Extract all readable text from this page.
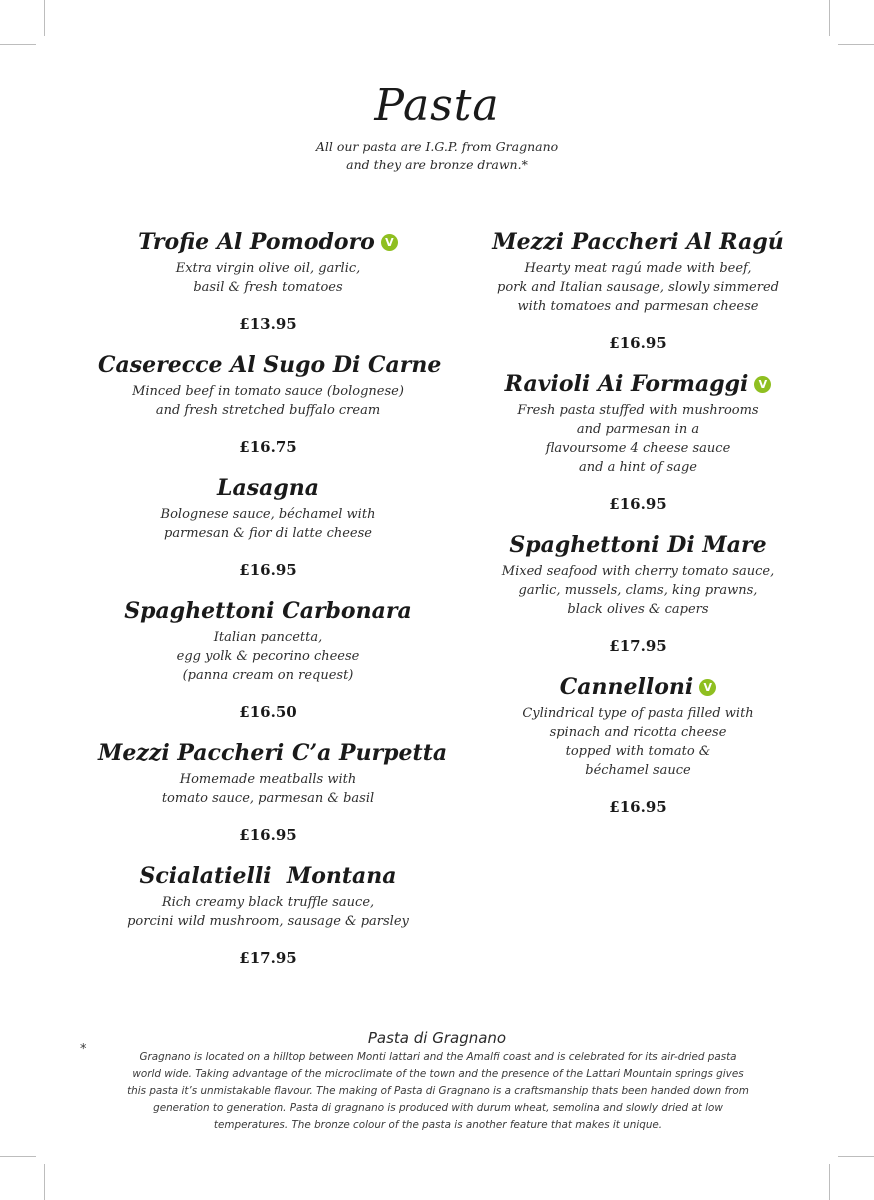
Pasta
All our pasta are I.G.P. from Gragnano
and they are bronze drawn.*
Trofie Al Pomodoro V
Extra virgin olive oil, garlic,
basil & fresh tomatoes
£13.95
Caserecce Al Sugo Di Carne
Minced beef in tomato sauce (bolognese)
and fresh stretched buffalo cream
£16.75
Lasagna
Bolognese sauce, béchamel with
parmesan & fior di latte cheese
£16.95
Spaghettoni Carbonara
Italian pancetta,
egg yolk & pecorino cheese
(panna cream on request)
£16.50
Mezzi Paccheri C’a Purpetta
Homemade meatballs with
tomato sauce, parmesan & basil
£16.95
Scialatielli  Montana
Rich creamy black truffle sauce,
porcini wild mushroom, sausage & parsley
£17.95
Mezzi Paccheri Al Ragú
Hearty meat ragú made with beef,
pork and Italian sausage, slowly simmered
with tomatoes and parmesan cheese
£16.95
Ravioli Ai Formaggi V
Fresh pasta stuffed with mushrooms
and parmesan in a
flavoursome 4 cheese sauce
and a hint of sage
£16.95
Spaghettoni Di Mare
Mixed seafood with cherry tomato sauce,
garlic, mussels, clams, king prawns,
black olives & capers
£17.95
Cannelloni V
Cylindrical type of pasta filled with
spinach and ricotta cheese
topped with tomato &
béchamel sauce
£16.95
Pasta di Gragnano
*	Gragnano is located on a hilltop between Monti lattari and the Amalfi coast and is celebrated for its air-dried pasta
world wide. Taking advantage of the microclimate of the town and the presence of the Lattari Mountain springs gives
this pasta it’s unmistakable flavour. The making of Pasta di Gragnano is a craftsmanship thats been handed down from
generation to generation. Pasta di gragnano is produced with durum wheat, semolina and slowly dried at low
temperatures. The bronze colour of the pasta is another feature that makes it unique.
